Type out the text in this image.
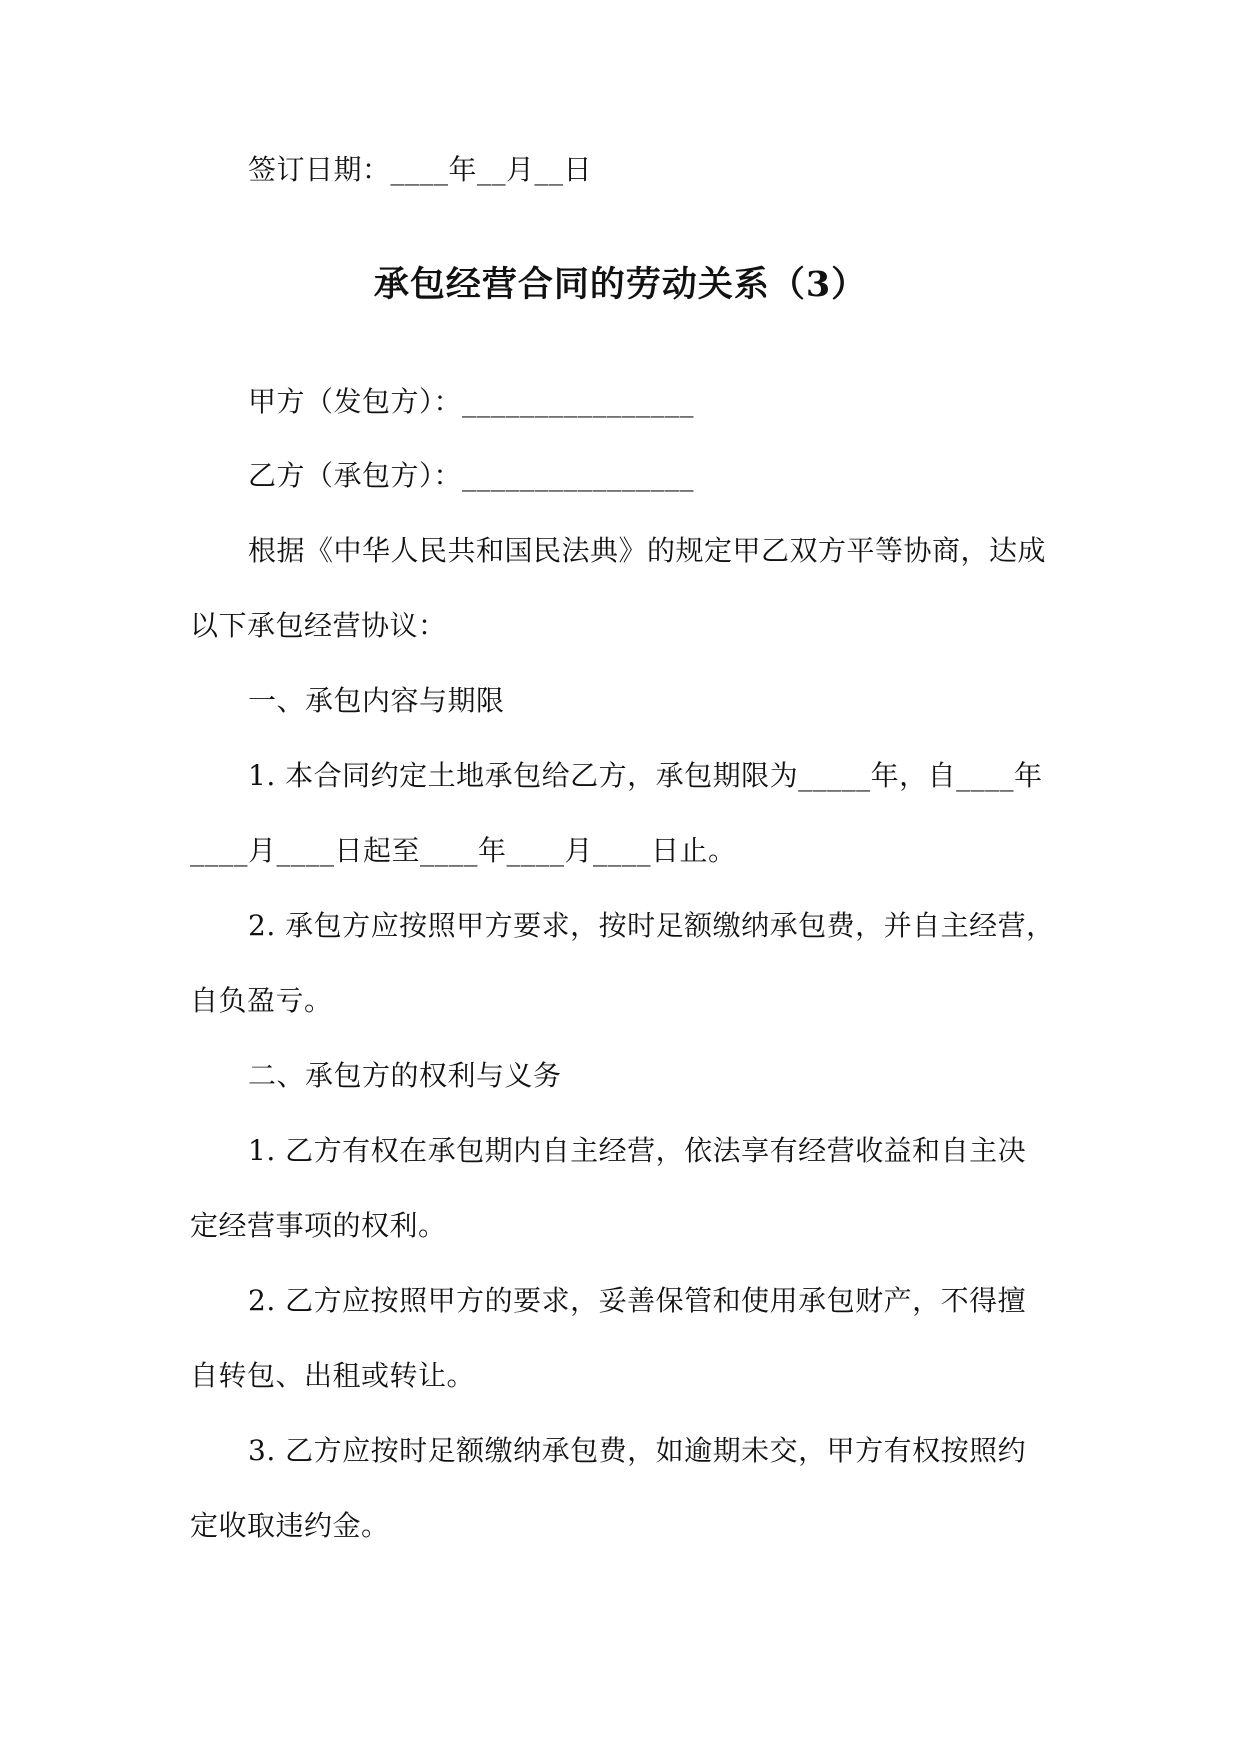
签订日期：____年__月__日
承包经营合同的劳动关系（3）
甲方（发包方）：________________
乙方（承包方）：________________
根据《中华人民共和国民法典》的规定甲乙双方平等协商，达成
以下承包经营协议：
一、承包内容与期限
1. 本合同约定土地承包给乙方，承包期限为_____年，自____年
____月____日起至____年____月____日止。
2. 承包方应按照甲方要求，按时足额缴纳承包费，并自主经营，
自负盈亏。
二、承包方的权利与义务
1. 乙方有权在承包期内自主经营，依法享有经营收益和自主决
定经营事项的权利。
2. 乙方应按照甲方的要求，妥善保管和使用承包财产，不得擅
自转包、出租或转让。
3. 乙方应按时足额缴纳承包费，如逾期未交，甲方有权按照约
定收取违约金。
